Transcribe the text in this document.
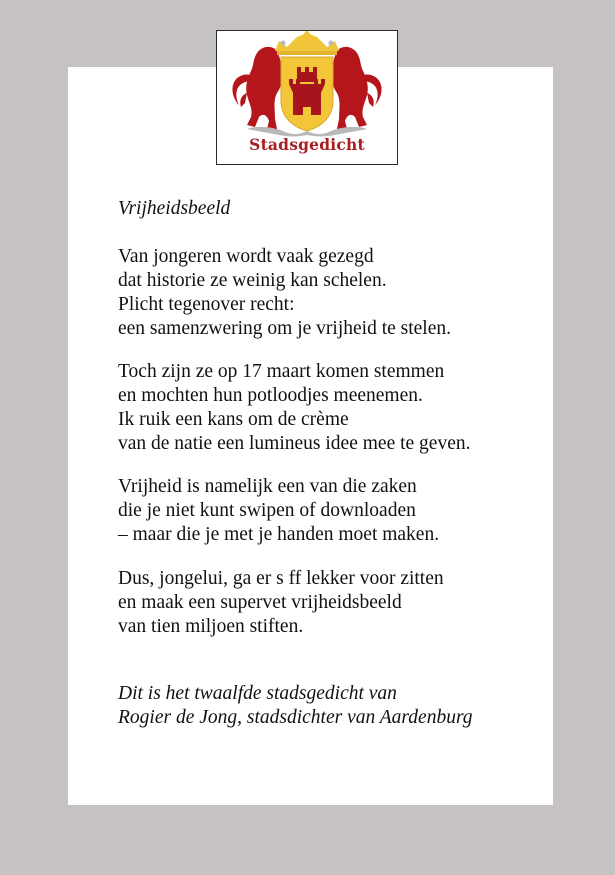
Stadsgedicht
Vrijheidsbeeld
Van jongeren wordt vaak gezegd
dat historie ze weinig kan schelen.
Plicht tegenover recht:
een samenzwering om je vrijheid te stelen.
Toch zijn ze op 17 maart komen stemmen
en mochten hun potloodjes meenemen.
Ik ruik een kans om de crème
van de natie een lumineus idee mee te geven.
Vrijheid is namelijk een van die zaken
die je niet kunt swipen of downloaden
– maar die je met je handen moet maken.
Dus, jongelui, ga er s ff lekker voor zitten
en maak een supervet vrijheidsbeeld
van tien miljoen stiften.
Dit is het twaalfde stadsgedicht van
Rogier de Jong, stadsdichter van Aardenburg
